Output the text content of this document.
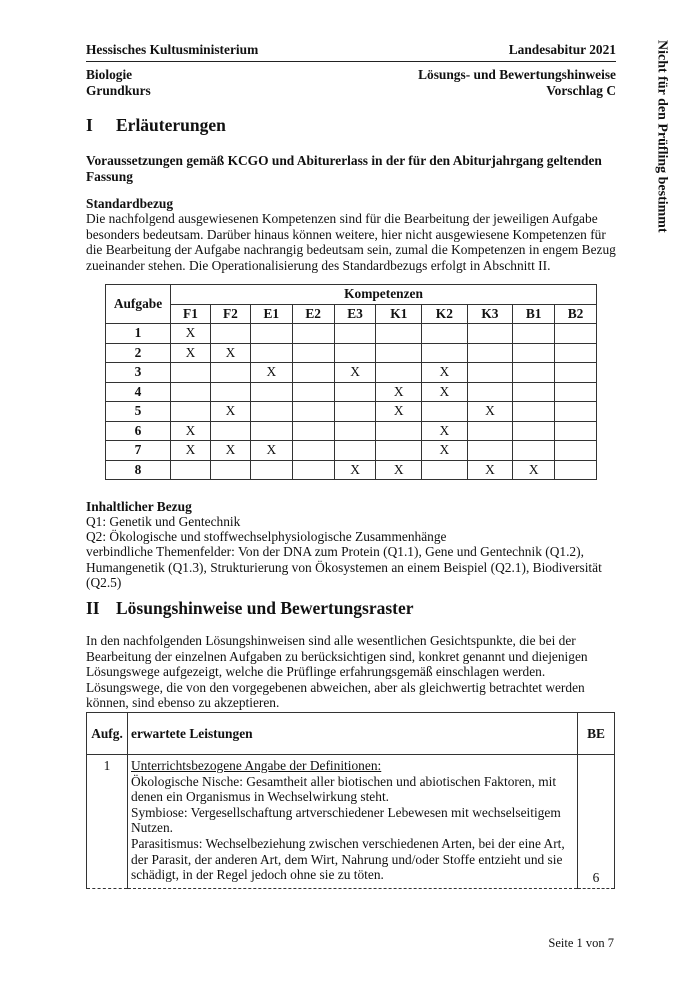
Hessisches Kultusministerium	Landesabitur 2021
Biologie	Lösungs- und Bewertungshinweise
Grundkurs	Vorschlag C	Nicht für den Prüfling bestimmt
I Erläuterungen
Voraussetzungen gemäß KCGO und Abiturerlass in der für den Abiturjahrgang geltenden Fassung
Standardbezug
Die nachfolgend ausgewiesenen Kompetenzen sind für die Bearbeitung der jeweiligen Aufgabe besonders bedeutsam. Darüber hinaus können weitere, hier nicht ausgewiesene Kompetenzen für die Bearbeitung der Aufgabe nachrangig bedeutsam sein, zumal die Kompetenzen in engem Bezug zueinander stehen. Die Operationalisierung des Standardbezugs erfolgt in Abschnitt II.
Aufgabe	Kompetenzen									
	F1	F2	E1	E2	E3	K1	K2	K3	B1	B2
1	X									
2	X	X								
3			X		X		X			
4						X	X			
5		X				X		X		
6	X						X			
7	X	X	X				X			
8					X	X		X	X	
Inhaltlicher Bezug
Q1: Genetik und Gentechnik
Q2: Ökologische und stoffwechselphysiologische Zusammenhänge
verbindliche Themenfelder: Von der DNA zum Protein (Q1.1), Gene und Gentechnik (Q1.2), Humangenetik (Q1.3), Strukturierung von Ökosystemen an einem Beispiel (Q2.1), Biodiversität (Q2.5)
II Lösungshinweise und Bewertungsraster
In den nachfolgenden Lösungshinweisen sind alle wesentlichen Gesichtspunkte, die bei der Bearbeitung der einzelnen Aufgaben zu berücksichtigen sind, konkret genannt und diejenigen Lösungswege aufgezeigt, welche die Prüflinge erfahrungsgemäß einschlagen werden. Lösungswege, die von den vorgegebenen abweichen, aber als gleichwertig betrachtet werden können, sind ebenso zu akzeptieren.
Aufg.	erwartete Leistungen	BE
1	Unterrichtsbezogene Angabe der Definitionen:
Ökologische Nische: Gesamtheit aller biotischen und abiotischen Faktoren, mit denen ein Organismus in Wechselwirkung steht.
Symbiose: Vergesellschaftung artverschiedener Lebewesen mit wechselseitigem Nutzen.
Parasitismus: Wechselbeziehung zwischen verschiedenen Arten, bei der eine Art, der Parasit, der anderen Art, dem Wirt, Nahrung und/oder Stoffe entzieht und sie schädigt, in der Regel jedoch ohne sie zu töten.	6
Seite 1 von 7
